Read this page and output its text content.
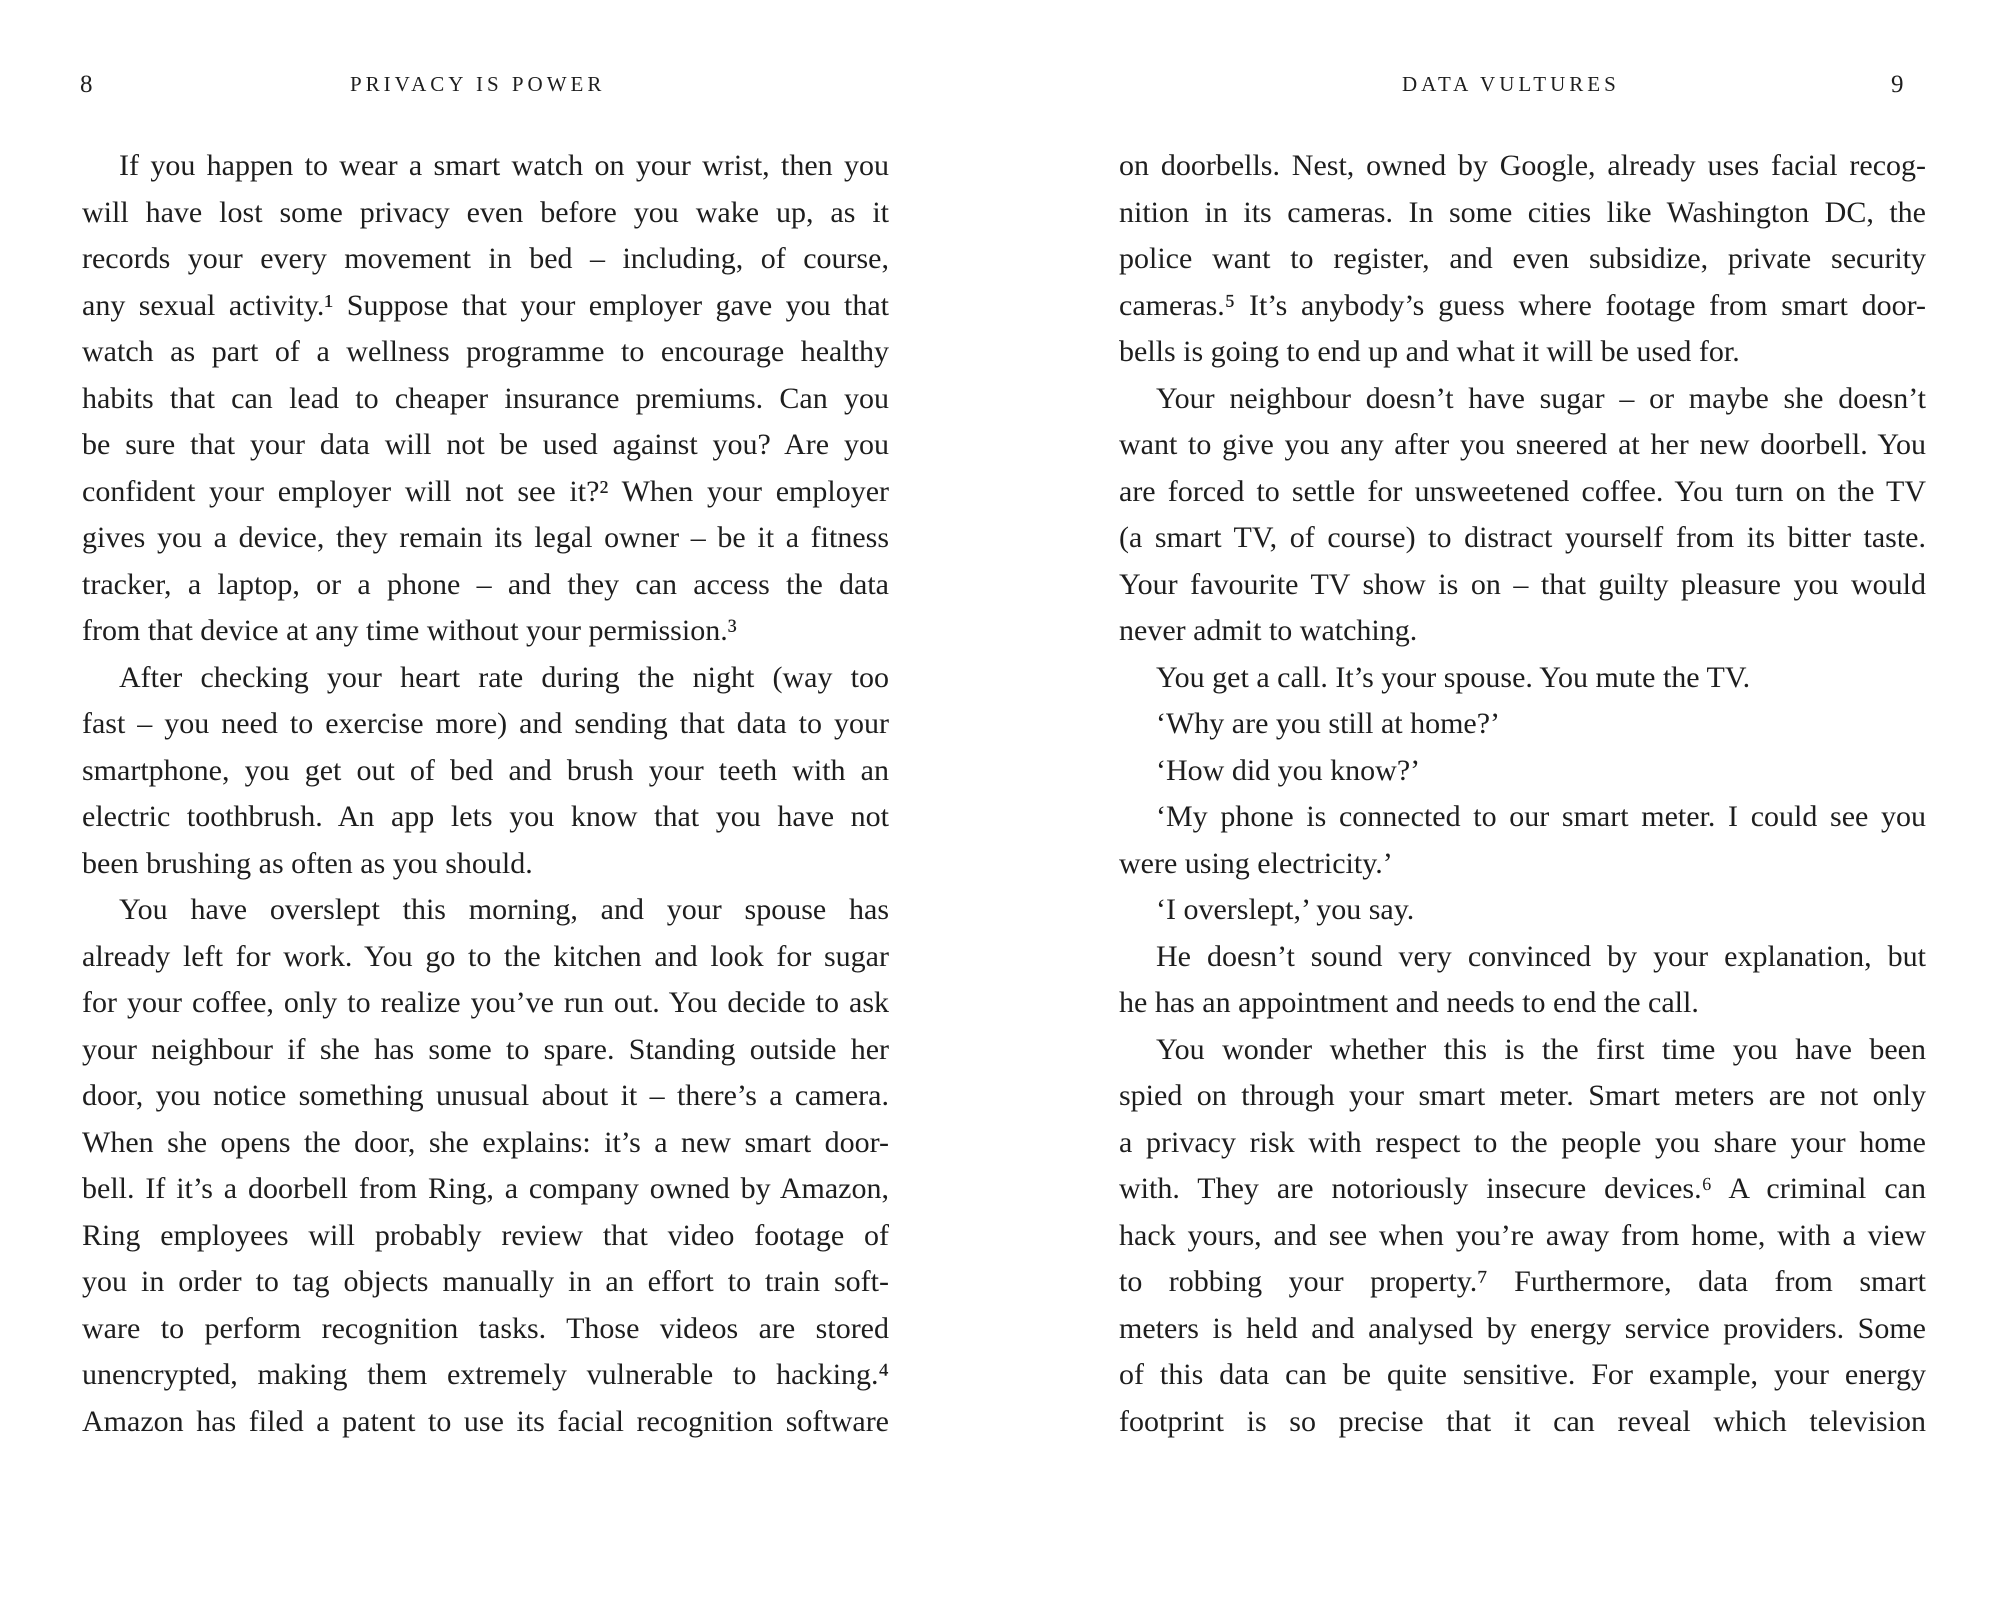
8	PRIVACY IS POWER
If you happen to wear a smart watch on your wrist, then you
will have lost some privacy even before you wake up, as it
records your every movement in bed – including, of course,
any sexual activity.¹ Suppose that your employer gave you that
watch as part of a wellness programme to encourage healthy
habits that can lead to cheaper insurance premiums. Can you
be sure that your data will not be used against you? Are you
confident your employer will not see it?² When your employer
gives you a device, they remain its legal owner – be it a fitness
tracker, a laptop, or a phone – and they can access the data
from that device at any time without your permission.³
After checking your heart rate during the night (way too
fast – you need to exercise more) and sending that data to your
smartphone, you get out of bed and brush your teeth with an
electric toothbrush. An app lets you know that you have not
been brushing as often as you should.
You have overslept this morning, and your spouse has
already left for work. You go to the kitchen and look for sugar
for your coffee, only to realize you’ve run out. You decide to ask
your neighbour if she has some to spare. Standing outside her
door, you notice something unusual about it – there’s a camera.
When she opens the door, she explains: it’s a new smart door-
bell. If it’s a doorbell from Ring, a company owned by Amazon,
Ring employees will probably review that video footage of
you in order to tag objects manually in an effort to train soft-
ware to perform recognition tasks. Those videos are stored
unencrypted, making them extremely vulnerable to hacking.⁴
Amazon has filed a patent to use its facial recognition software
DATA VULTURES	9
on doorbells. Nest, owned by Google, already uses facial recog-
nition in its cameras. In some cities like Washington DC, the
police want to register, and even subsidize, private security
cameras.⁵ It’s anybody’s guess where footage from smart door-
bells is going to end up and what it will be used for.
Your neighbour doesn’t have sugar – or maybe she doesn’t
want to give you any after you sneered at her new doorbell. You
are forced to settle for unsweetened coffee. You turn on the TV
(a smart TV, of course) to distract yourself from its bitter taste.
Your favourite TV show is on – that guilty pleasure you would
never admit to watching.
You get a call. It’s your spouse. You mute the TV.
‘Why are you still at home?’
‘How did you know?’
‘My phone is connected to our smart meter. I could see you
were using electricity.’
‘I overslept,’ you say.
He doesn’t sound very convinced by your explanation, but
he has an appointment and needs to end the call.
You wonder whether this is the first time you have been
spied on through your smart meter. Smart meters are not only
a privacy risk with respect to the people you share your home
with. They are notoriously insecure devices.⁶ A criminal can
hack yours, and see when you’re away from home, with a view
to robbing your property.⁷ Furthermore, data from smart
meters is held and analysed by energy service providers. Some
of this data can be quite sensitive. For example, your energy
footprint is so precise that it can reveal which television
